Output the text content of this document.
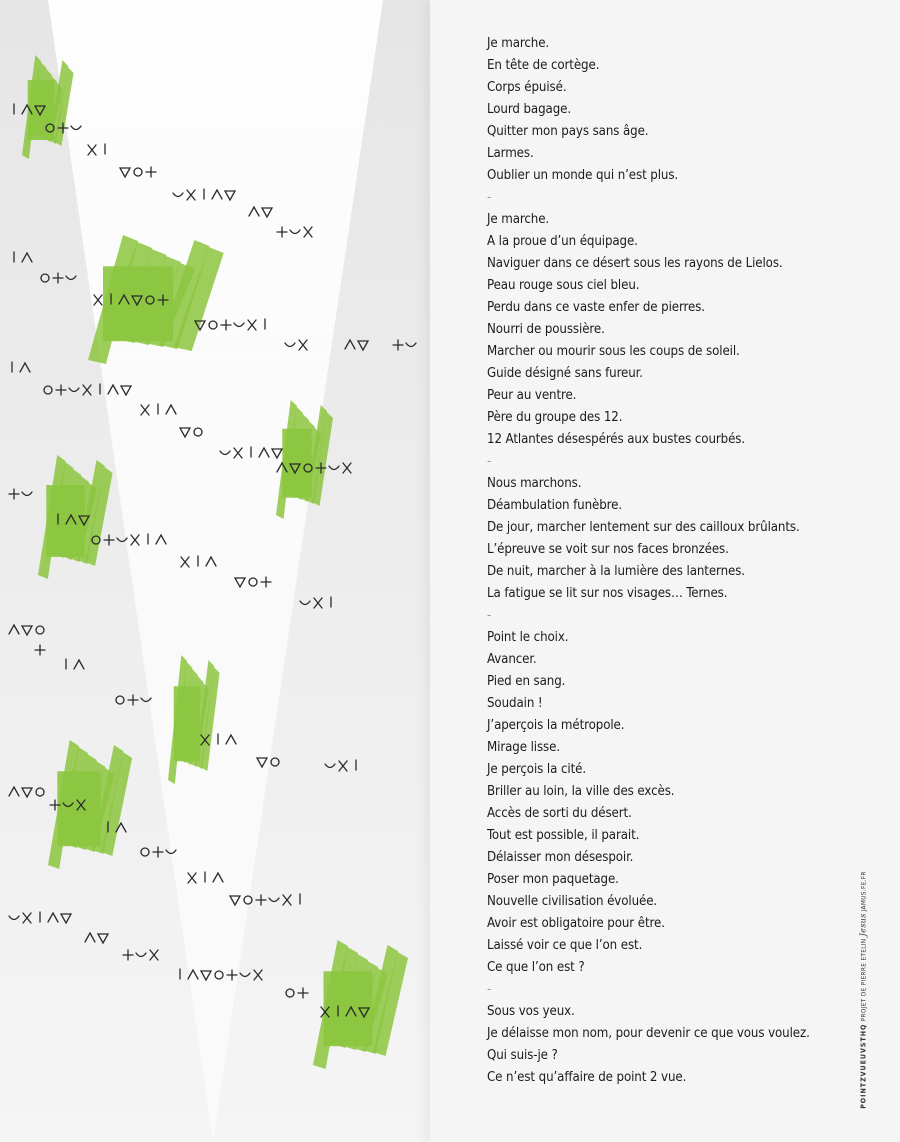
Je marche.
En tête de cortège.
Corps épuisé.
Lourd bagage.
Quitter mon pays sans âge.
Larmes.
Oublier un monde qui n’est plus.
-
Je marche.
A la proue d’un équipage.
Naviguer dans ce désert sous les rayons de Lielos.
Peau rouge sous ciel bleu.
Perdu dans ce vaste enfer de pierres.
Nourri de poussière.
Marcher ou mourir sous les coups de soleil.
Guide désigné sans fureur.
Peur au ventre.
Père du groupe des 12.
12 Atlantes désespérés aux bustes courbés.
-
Nous marchons.
Déambulation funèbre.
De jour, marcher lentement sur des cailloux brûlants.
L’épreuve se voit sur nos faces bronzées.
De nuit, marcher à la lumière des lanternes.
La fatigue se lit sur nos visages… Ternes.
-
Point le choix.
Avancer.
Pied en sang.
Soudain !
J’aperçois la métropole.
Mirage lisse.
Je perçois la cité.
Briller au loin, la ville des excès.
Accès de sorti du désert.
Tout est possible, il parait.
Délaisser mon désespoir.
Poser mon paquetage.
Nouvelle civilisation évoluée.
Avoir est obligatoire pour être.
Laissé voir ce que l’on est.
Ce que l’on est ?
-
Sous vos yeux.
Je délaisse mon nom, pour devenir ce que vous voulez.
Qui suis-je ?
Ce n’est qu’affaire de point 2 vue.	POINTZVUEUVSTHQ PROJET DE PIERRE ETELIN Jesus JAMUS.FE.FR
